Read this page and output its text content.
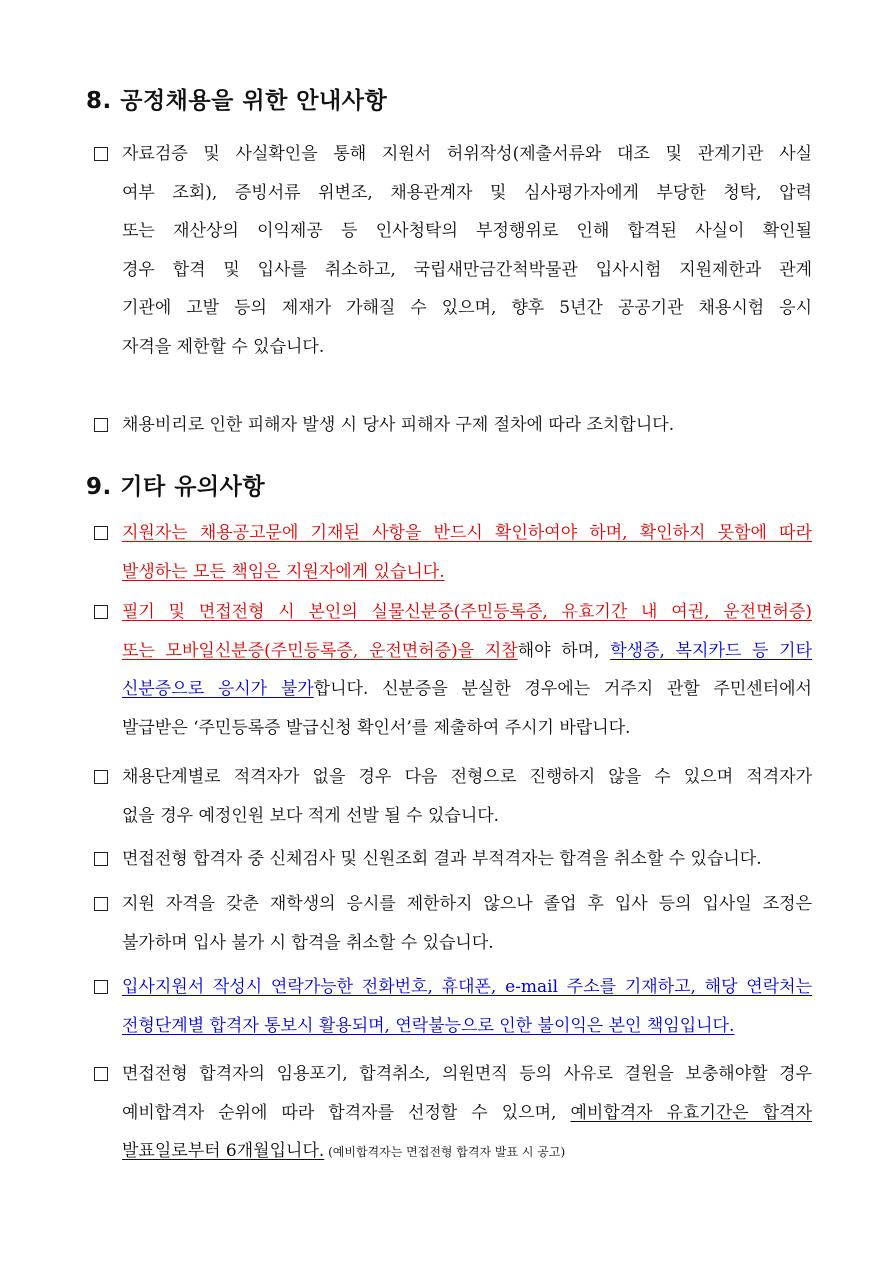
8. 공정채용을 위한 안내사항
자료검증 및 사실확인을 통해 지원서 허위작성(제출서류와 대조 및 관계기관 사실
여부 조회), 증빙서류 위변조, 채용관계자 및 심사평가자에게 부당한 청탁, 압력
또는 재산상의 이익제공 등 인사청탁의 부정행위로 인해 합격된 사실이 확인될
경우 합격 및 입사를 취소하고, 국립새만금간척박물관 입사시험 지원제한과 관계
기관에 고발 등의 제재가 가해질 수 있으며, 향후 5년간 공공기관 채용시험 응시
자격을 제한할 수 있습니다.
채용비리로 인한 피해자 발생 시 당사 피해자 구제 절차에 따라 조치합니다.
9. 기타 유의사항
지원자는 채용공고문에 기재된 사항을 반드시 확인하여야 하며, 확인하지 못함에 따라
발생하는 모든 책임은 지원자에게 있습니다.
필기 및 면접전형 시 본인의 실물신분증(주민등록증, 유효기간 내 여권, 운전면허증)
또는 모바일신분증(주민등록증, 운전면허증)을 지참해야 하며, 학생증, 복지카드 등 기타
신분증으로 응시가 불가합니다. 신분증을 분실한 경우에는 거주지 관할 주민센터에서
발급받은 ‘주민등록증 발급신청 확인서’를 제출하여 주시기 바랍니다.
채용단계별로 적격자가 없을 경우 다음 전형으로 진행하지 않을 수 있으며 적격자가
없을 경우 예정인원 보다 적게 선발 될 수 있습니다.
면접전형 합격자 중 신체검사 및 신원조회 결과 부적격자는 합격을 취소할 수 있습니다.
지원 자격을 갖춘 재학생의 응시를 제한하지 않으나 졸업 후 입사 등의 입사일 조정은
불가하며 입사 불가 시 합격을 취소할 수 있습니다.
입사지원서 작성시 연락가능한 전화번호, 휴대폰, e-mail 주소를 기재하고, 해당 연락처는
전형단계별 합격자 통보시 활용되며, 연락불능으로 인한 불이익은 본인 책임입니다.
면접전형 합격자의 임용포기, 합격취소, 의원면직 등의 사유로 결원을 보충해야할 경우
예비합격자 순위에 따라 합격자를 선정할 수 있으며, 예비합격자 유효기간은 합격자
발표일로부터 6개월입니다. (예비합격자는 면접전형 합격자 발표 시 공고)
